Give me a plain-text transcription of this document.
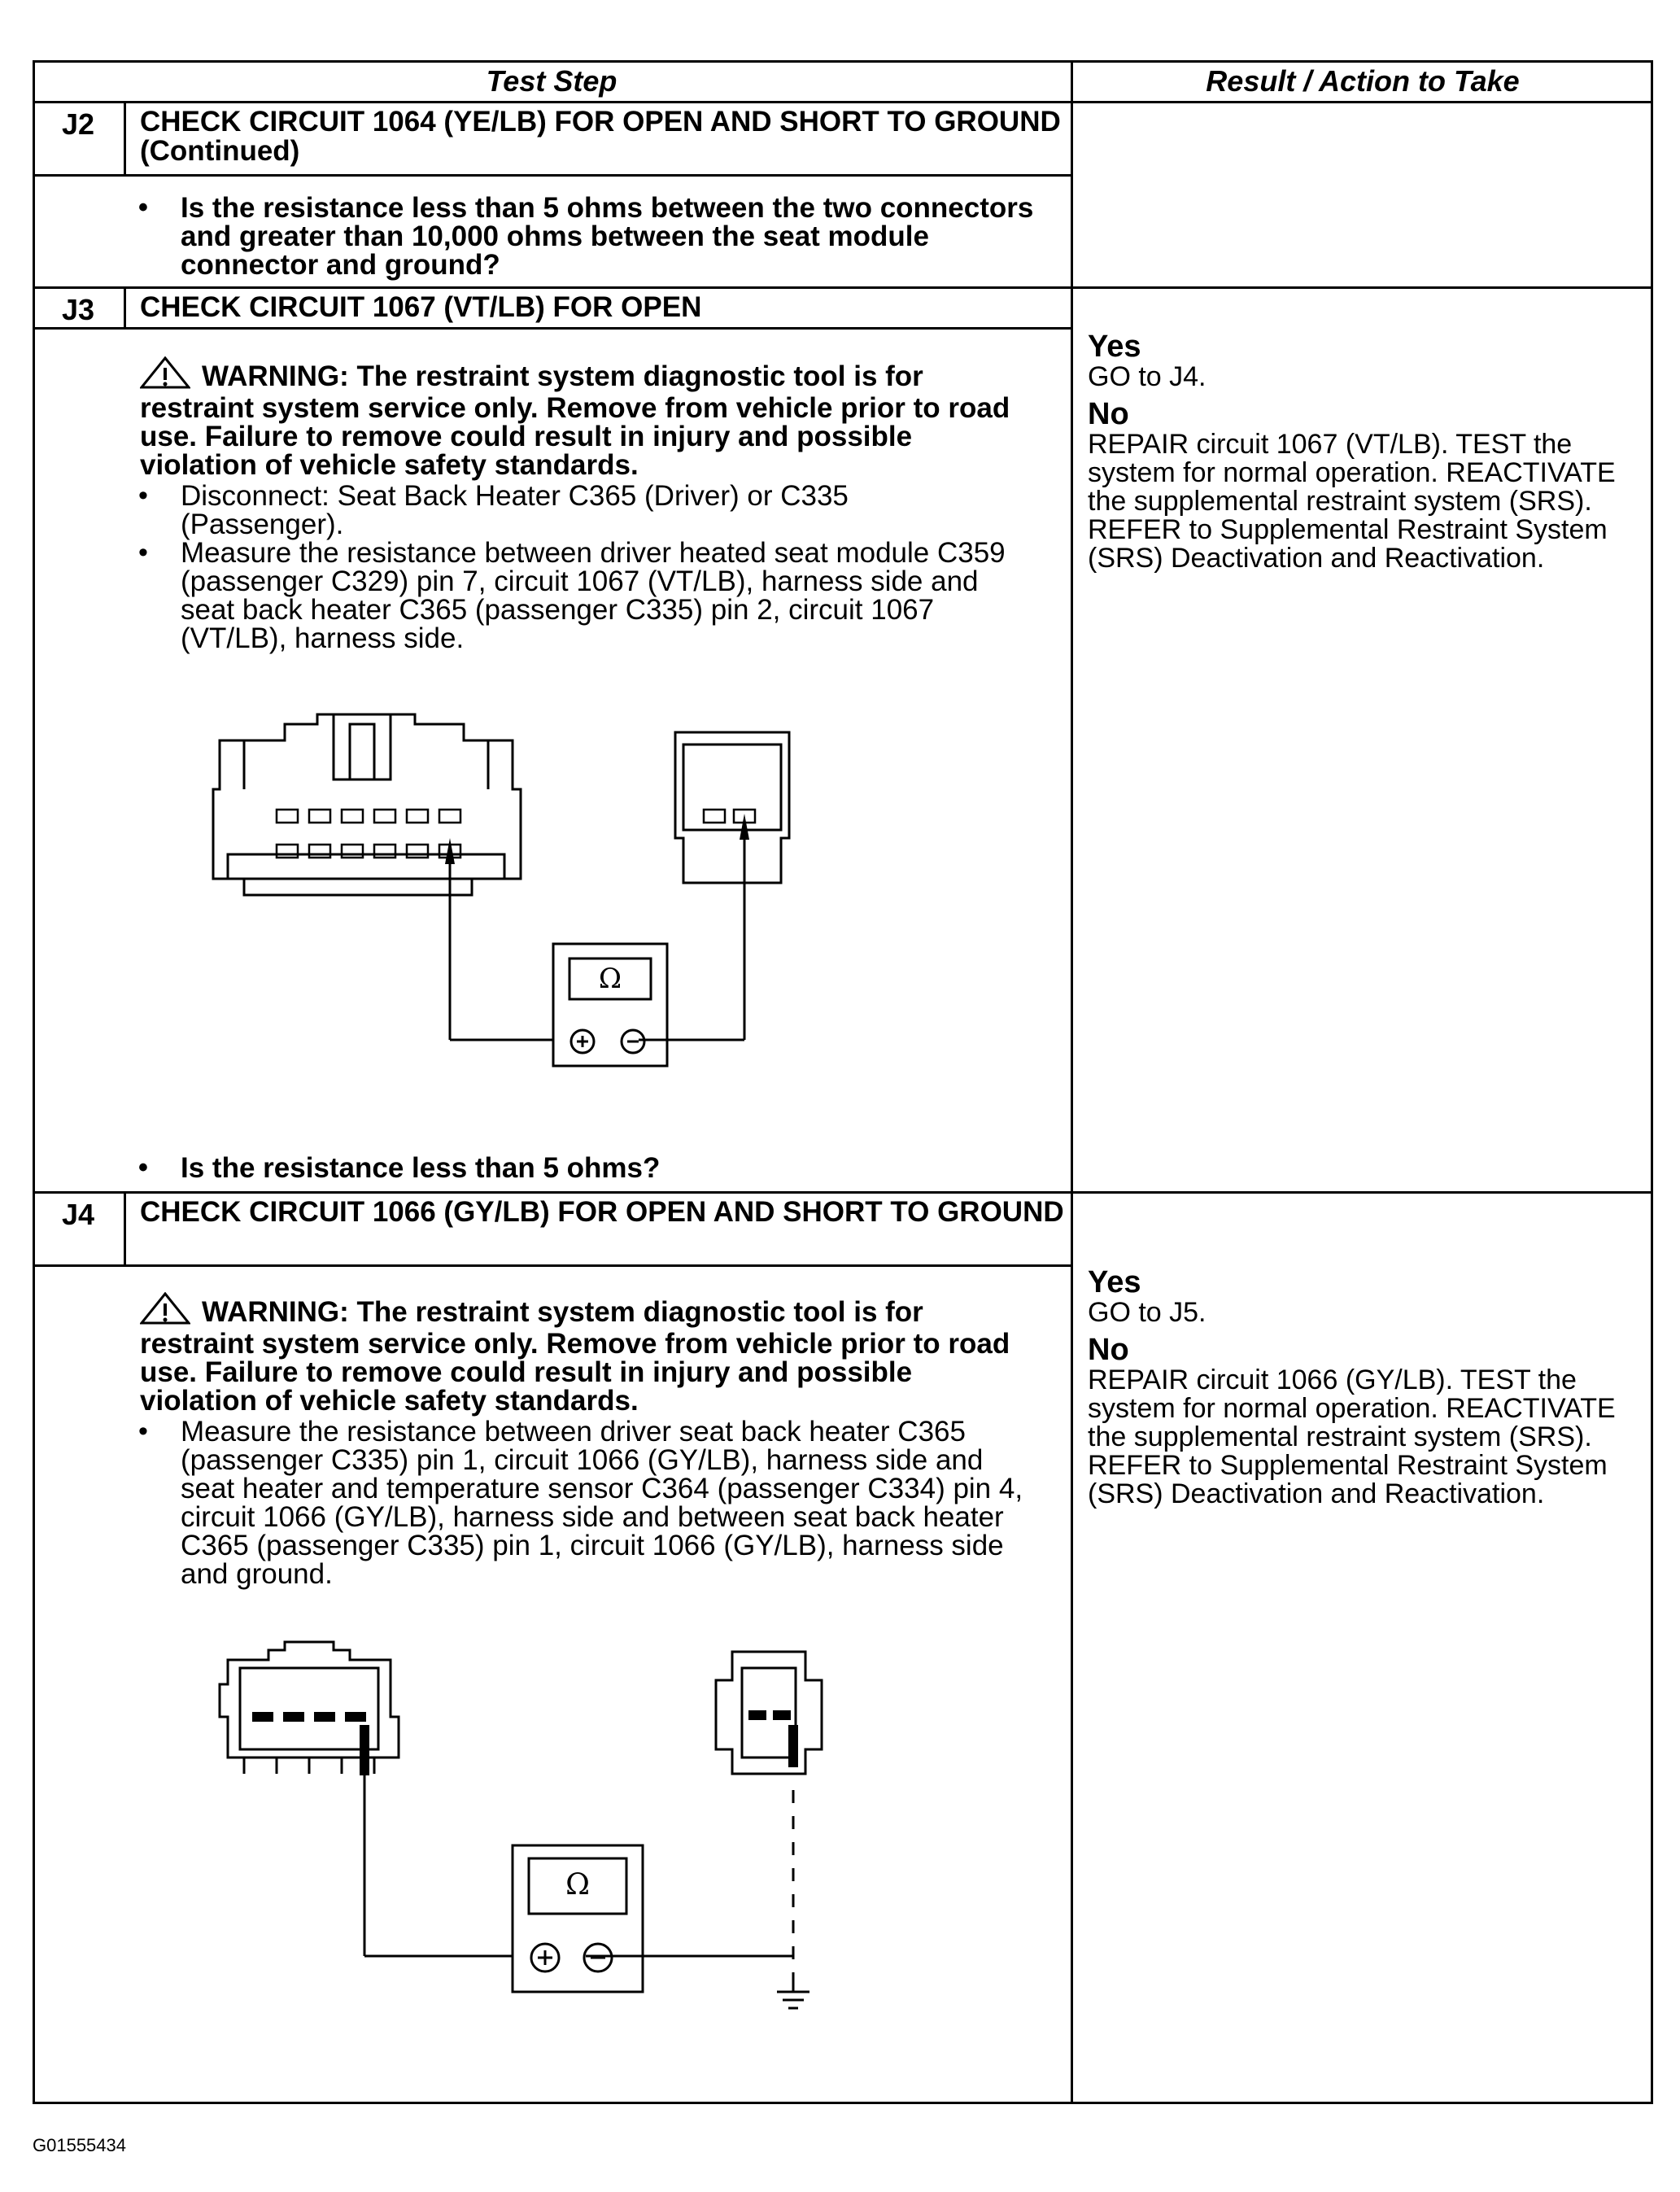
Test Step	Result / Action to Take
J2	CHECK CIRCUIT 1064 (YE/LB) FOR OPEN AND SHORT TO GROUND (Continued)
• Is the resistance less than 5 ohms between the two connectors and greater than 10,000 ohms between the seat module connector and ground?
J3	CHECK CIRCUIT 1067 (VT/LB) FOR OPEN
WARNING: The restraint system diagnostic tool is for restraint system service only. Remove from vehicle prior to road use. Failure to remove could result in injury and possible violation of vehicle safety standards.
• Disconnect: Seat Back Heater C365 (Driver) or C335 (Passenger).
• Measure the resistance between driver heated seat module C359 (passenger C329) pin 7, circuit 1067 (VT/LB), harness side and seat back heater C365 (passenger C335) pin 2, circuit 1067 (VT/LB), harness side.
Ω
• Is the resistance less than 5 ohms?
Yes
GO to J4.
No
REPAIR circuit 1067 (VT/LB). TEST the system for normal operation. REACTIVATE the supplemental restraint system (SRS). REFER to Supplemental Restraint System (SRS) Deactivation and Reactivation.
J4	CHECK CIRCUIT 1066 (GY/LB) FOR OPEN AND SHORT TO GROUND
WARNING: The restraint system diagnostic tool is for restraint system service only. Remove from vehicle prior to road use. Failure to remove could result in injury and possible violation of vehicle safety standards.
• Measure the resistance between driver seat back heater C365 (passenger C335) pin 1, circuit 1066 (GY/LB), harness side and seat heater and temperature sensor C364 (passenger C334) pin 4, circuit 1066 (GY/LB), harness side and between seat back heater C365 (passenger C335) pin 1, circuit 1066 (GY/LB), harness side and ground.
Ω
Yes
GO to J5.
No
REPAIR circuit 1066 (GY/LB). TEST the system for normal operation. REACTIVATE the supplemental restraint system (SRS). REFER to Supplemental Restraint System (SRS) Deactivation and Reactivation.
G01555434
